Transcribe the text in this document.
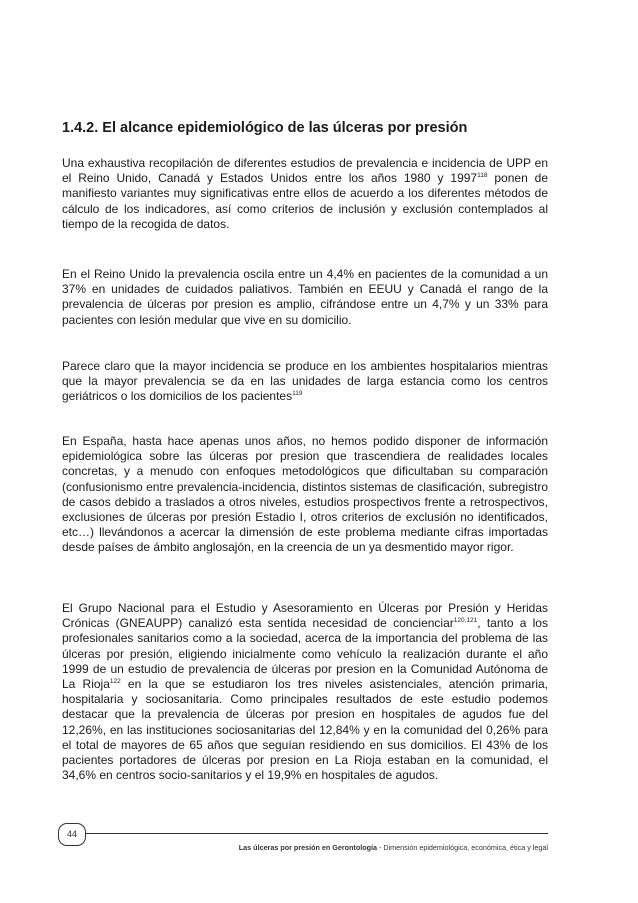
1.4.2. El alcance epidemiológico de las úlceras por presión

Una exhaustiva recopilación de diferentes estudios de prevalencia e incidencia de UPP en el Reino Unido, Canadá y Estados Unidos entre los años 1980 y 1997$^{118}$ ponen de manifiesto variantes muy significativas entre ellos de acuerdo a los diferentes métodos de cálculo de los indicadores, así como criterios de inclusión y exclusión contemplados al tiempo de la recogida de datos.

En el Reino Unido la prevalencia oscila entre un 4,4% en pacientes de la comunidad a un 37% en unidades de cuidados paliativos. También en EEUU y Canadá el rango de la prevalencia de úlceras por presion es amplio, cifrándose entre un 4,7% y un 33% para pacientes con lesión medular que vive en su domicilio.

Parece claro que la mayor incidencia se produce en los ambientes hospitalarios mientras que la mayor prevalencia se da en las unidades de larga estancia como los centros geriátricos o los domicilios de los pacientes$^{119}$

En España, hasta hace apenas unos años, no hemos podido disponer de información epidemiológica sobre las úlceras por presion que trascendiera de realidades locales concretas, y a menudo con enfoques metodológicos que dificultaban su comparación (confusionismo entre prevalencia-incidencia, distintos sistemas de clasificación, subregistro de casos debido a traslados a otros niveles, estudios prospectivos frente a retrospectivos, exclusiones de úlceras por presión Estadio I, otros criterios de exclusión no identificados, etc…) llevándonos a acercar la dimensión de este problema mediante cifras importadas desde países de ámbito anglosajón, en la creencia de un ya desmentido mayor rigor.

El Grupo Nacional para el Estudio y Asesoramiento en Úlceras por Presión y Heridas Crónicas (GNEAUPP) canalizó esta sentida necesidad de concienciar$^{120,121}$, tanto a los profesionales sanitarios como a la sociedad, acerca de la importancia del problema de las úlceras por presión, eligiendo inicialmente como vehículo la realización durante el año 1999 de un estudio de prevalencia de úlceras por presion en la Comunidad Autónoma de La Rioja$^{122}$ en la que se estudiaron los tres niveles asistenciales, atención primaria, hospitalaria y sociosanitaria. Como principales resultados de este estudio podemos destacar que la prevalencia de úlceras por presion en hospitales de agudos fue del 12,26%, en las instituciones sociosanitarias del 12,84% y en la comunidad del 0,26% para el total de mayores de 65 años que seguían residiendo en sus domicilios. El 43% de los pacientes portadores de úlceras por presion en La Rioja estaban en la comunidad, el 34,6% en centros socio-sanitarios y el 19,9% en hospitales de agudos.

44
Las úlceras por presión en Gerontología - Dimensión epidemiológica, económica, ética y legal
